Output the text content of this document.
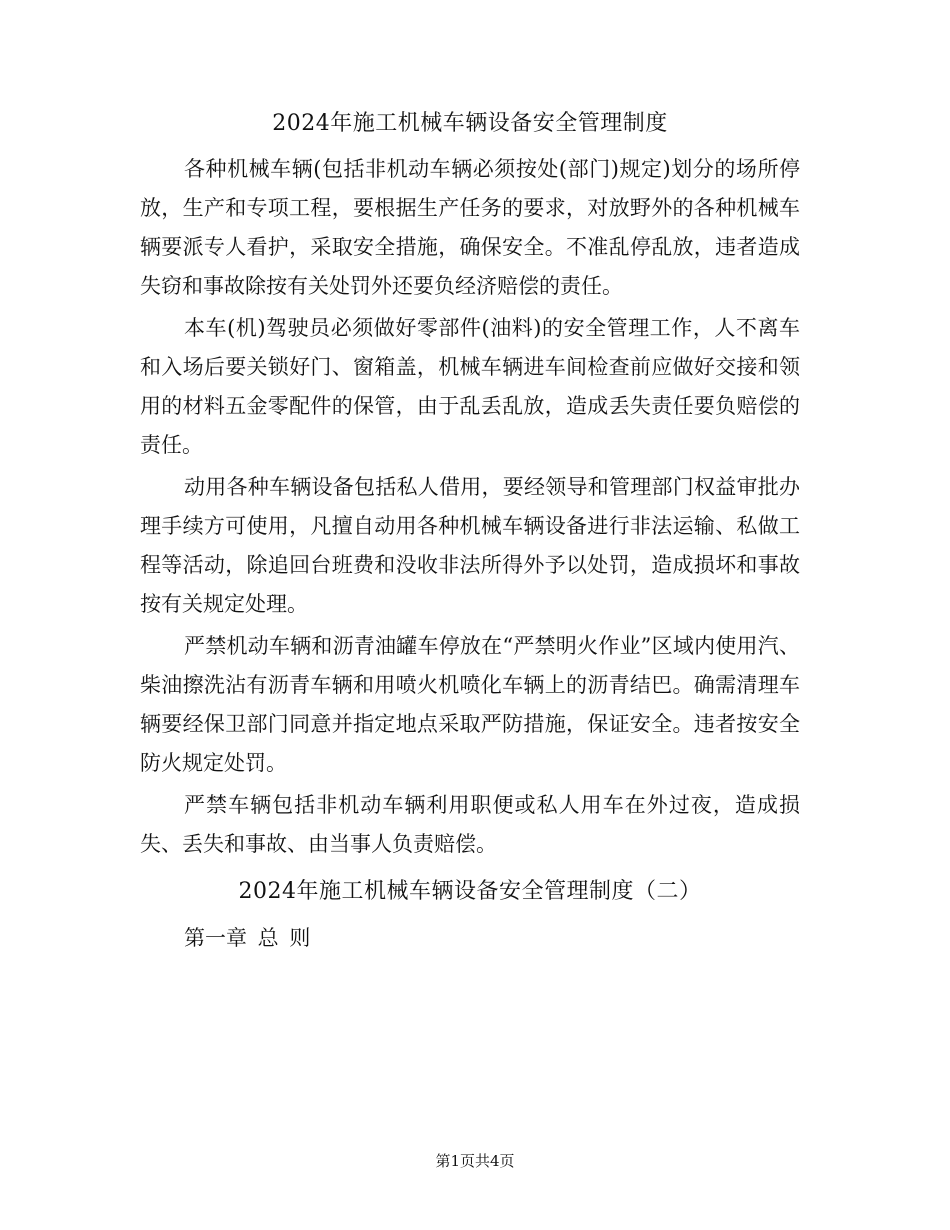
2024年施工机械车辆设备安全管理制度

各种机械车辆(包括非机动车辆必须按处(部门)规定)划分的场所停放，生产和专项工程，要根据生产任务的要求，对放野外的各种机械车辆要派专人看护，采取安全措施，确保安全。不准乱停乱放，违者造成失窃和事故除按有关处罚外还要负经济赔偿的责任。

本车(机)驾驶员必须做好零部件(油料)的安全管理工作，人不离车和入场后要关锁好门、窗箱盖，机械车辆进车间检查前应做好交接和领用的材料五金零配件的保管，由于乱丢乱放，造成丢失责任要负赔偿的责任。

动用各种车辆设备包括私人借用，要经领导和管理部门权益审批办理手续方可使用，凡擅自动用各种机械车辆设备进行非法运输、私做工程等活动，除追回台班费和没收非法所得外予以处罚，造成损坏和事故按有关规定处理。

严禁机动车辆和沥青油罐车停放在“严禁明火作业”区域内使用汽、柴油擦洗沾有沥青车辆和用喷火机喷化车辆上的沥青结巴。确需清理车辆要经保卫部门同意并指定地点采取严防措施，保证安全。违者按安全防火规定处罚。

严禁车辆包括非机动车辆利用职便或私人用车在外过夜，造成损失、丢失和事故、由当事人负责赔偿。

2024年施工机械车辆设备安全管理制度（二）

第一章 总 则

第1页共4页
